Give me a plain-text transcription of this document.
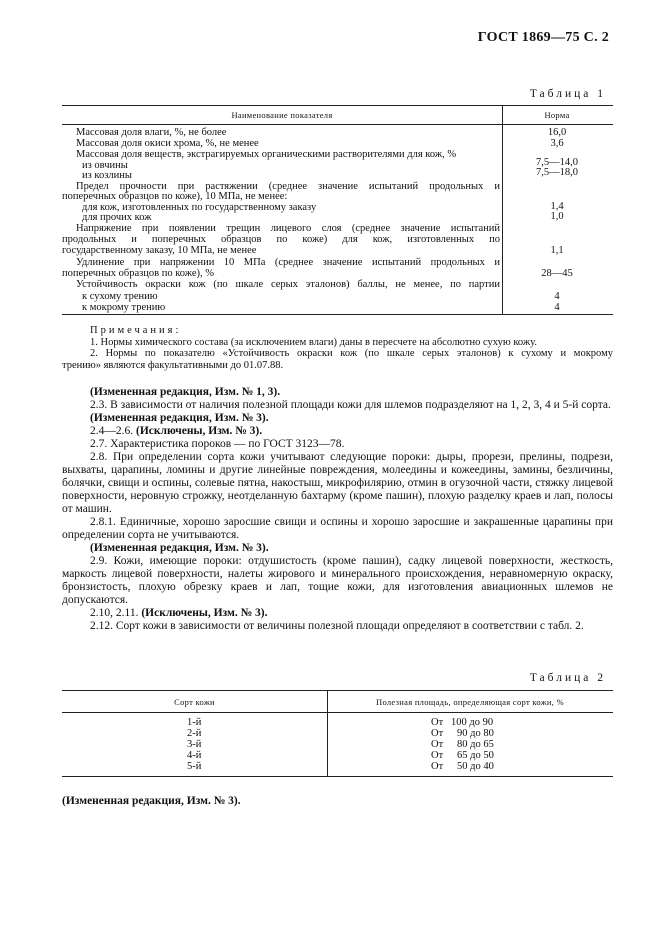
ГОСТ 1869—75 С. 2
Таблица 1
Наименование показателя	Норма
Массовая доля влаги, %, не более	16,0
Массовая доля окиси хрома, %, не менее	3,6
Массовая доля веществ, экстрагируемых органическими растворителями для кож, %
из овчины	7,5—14,0
из козлины	7,5—18,0
Предел прочности при растяжении (среднее значение испытаний продольных и
поперечных образцов по коже), 10 МПа, не менее:
для кож, изготовленных по государственному заказу	1,4
для прочих кож	1,0
Напряжение при появлении трещин лицевого слоя (среднее значение испытаний
продольных и поперечных образцов по коже) для кож, изготовленных по
государственному заказу, 10 МПа, не менее	1,1
Удлинение при напряжении 10 МПа (среднее значение испытаний продольных и
поперечных образцов по коже), %	28—45
Устойчивость окраски кож (по шкале серых эталонов) баллы, не менее, по партии
к сухому трению	4
к мокрому трению	4
Примечания:
1. Нормы химического состава (за исключением влаги) даны в пересчете на абсолютно сухую кожу.
2. Нормы по показателю «Устойчивость окраски кож (по шкале серых эталонов) к сухому и мокрому
трению» являются факультативными до 01.07.88.

(Измененная редакция, Изм. № 1, 3).

2.3. В зависимости от наличия полезной площади кожи для шлемов подразделяют на 1, 2, 3, 4 и 5-й сорта.

(Измененная редакция, Изм. № 3).

2.4—2.6. (Исключены, Изм. № 3).

2.7. Характеристика пороков — по ГОСТ 3123—78.

2.8. При определении сорта кожи учитывают следующие пороки: дыры, прорези, прелины, подрези, выхваты, царапины, ломины и другие линейные повреждения, молеедины и кожеедины, замины, безличины, болячки, свищи и оспины, солевые пятна, накостыш, микрофилярию, отмин в огузочной части, стяжку лицевой поверхности, неровную строжку, неотделанную бахтарму (кроме пашин), плохую разделку краев и лап, полосы от машин.

2.8.1. Единичные, хорошо заросшие свищи и оспины и хорошо заросшие и закрашенные царапины при определении сорта не учитываются.

(Измененная редакция, Изм. № 3).

2.9. Кожи, имеющие пороки: отдушистость (кроме пашин), садку лицевой поверхности, жесткость, маркость лицевой поверхности, налеты жирового и минерального происхождения, неравномерную окраску, бронзистость, плохую обрезку краев и лап, тощие кожи, для изготовления авиационных шлемов не допускаются.

2.10, 2.11. (Исключены, Изм. № 3).

2.12. Сорт кожи в зависимости от величины полезной площади определяют в соответствии с табл. 2.

Таблица 2
Сорт кожи	Полезная площадь, определяющая сорт кожи, %
1-й	От 100 до 90
2-й	От 90 до 80
3-й	От 80 до 65
4-й	От 65 до 50
5-й	От 50 до 40
(Измененная редакция, Изм. № 3).
